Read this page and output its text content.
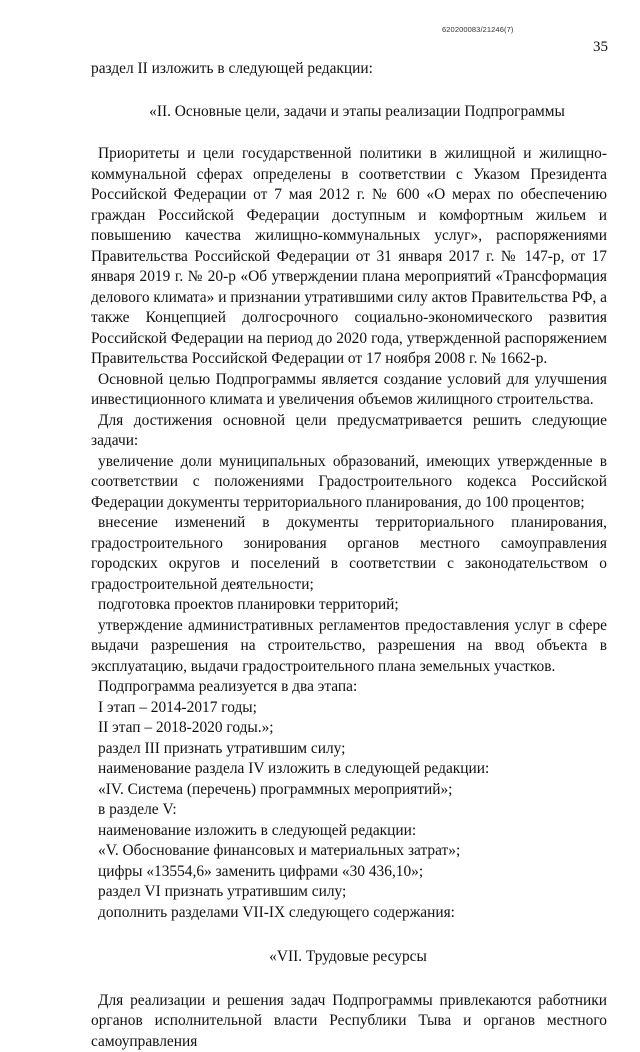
620200083/21246(7)
35

раздел II изложить в следующей редакции:

«II. Основные цели, задачи и этапы реализации Подпрограммы

Приоритеты и цели государственной политики в жилищной и жилищно-коммунальной сферах определены в соответствии с Указом Президента Российской Федерации от 7 мая 2012 г. № 600 «О мерах по обеспечению граждан Российской Федерации доступным и комфортным жильем и повышению качества жилищно-коммунальных услуг», распоряжениями Правительства Российской Федерации от 31 января 2017 г. № 147-р, от 17 января 2019 г. № 20-р «Об утверждении плана мероприятий «Трансформация делового климата» и признании утратившими силу актов Правительства РФ, а также Концепцией долгосрочного социально-экономического развития Российской Федерации на период до 2020 года, утвержденной распоряжением Правительства Российской Федерации от 17 ноября 2008 г. № 1662-р.

Основной целью Подпрограммы является создание условий для улучшения инвестиционного климата и увеличения объемов жилищного строительства.

Для достижения основной цели предусматривается решить следующие задачи:

увеличение доли муниципальных образований, имеющих утвержденные в соответствии с положениями Градостроительного кодекса Российской Федерации документы территориального планирования, до 100 процентов;

внесение изменений в документы территориального планирования, градостроительного зонирования органов местного самоуправления городских округов и поселений в соответствии с законодательством о градостроительной деятельности;

подготовка проектов планировки территорий;

утверждение административных регламентов предоставления услуг в сфере выдачи разрешения на строительство, разрешения на ввод объекта в эксплуатацию, выдачи градостроительного плана земельных участков.

Подпрограмма реализуется в два этапа:

I этап – 2014-2017 годы;

II этап – 2018-2020 годы.»;

раздел III признать утратившим силу;

наименование раздела IV изложить в следующей редакции:

«IV. Система (перечень) программных мероприятий»;

в разделе V:

наименование изложить в следующей редакции:

«V. Обоснование финансовых и материальных затрат»;

цифры «13554,6» заменить цифрами «30 436,10»;

раздел VI признать утратившим силу;

дополнить разделами VII-IX следующего содержания:

«VII. Трудовые ресурсы

Для реализации и решения задач Подпрограммы привлекаются работники органов исполнительной власти Республики Тыва и органов местного самоуправления
